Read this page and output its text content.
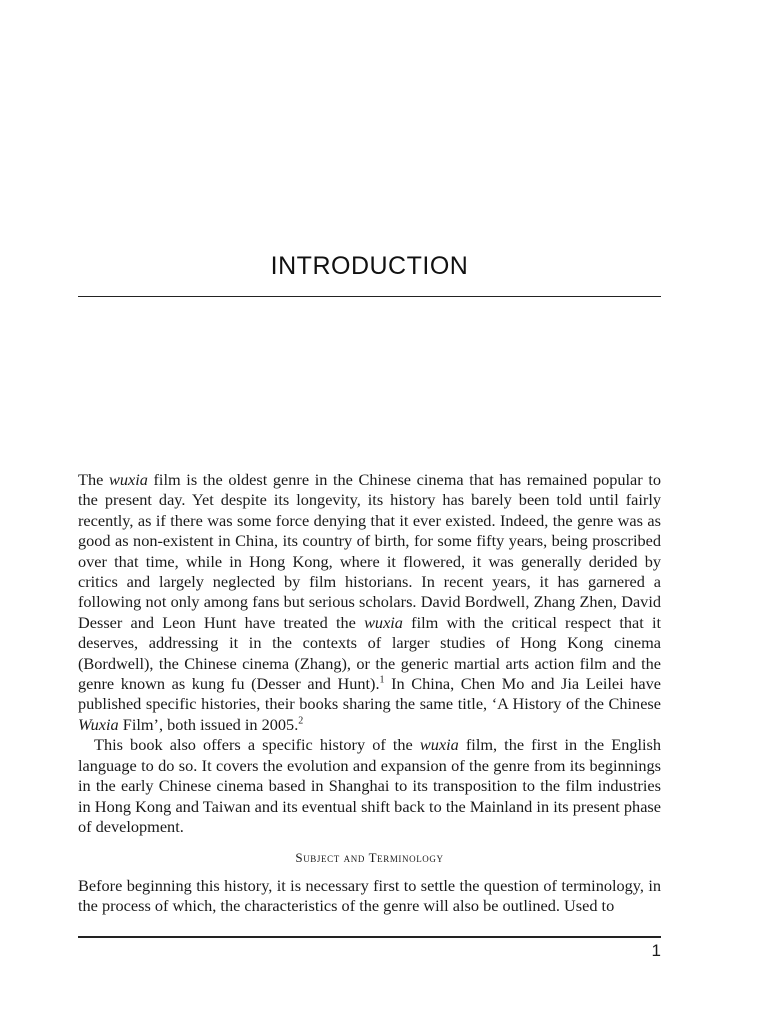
INTRODUCTION

The wuxia film is the oldest genre in the Chinese cinema that has remained popular to the present day. Yet despite its longevity, its history has barely been told until fairly recently, as if there was some force denying that it ever existed. Indeed, the genre was as good as non-existent in China, its country of birth, for some fifty years, being proscribed over that time, while in Hong Kong, where it flowered, it was generally derided by critics and largely neglected by film historians. In recent years, it has garnered a following not only among fans but serious scholars. David Bordwell, Zhang Zhen, David Desser and Leon Hunt have treated the wuxia film with the critical respect that it deserves, addressing it in the contexts of larger studies of Hong Kong cinema (Bordwell), the Chinese cinema (Zhang), or the generic martial arts action film and the genre known as kung fu (Desser and Hunt).$^1$ In China, Chen Mo and Jia Leilei have published specific histories, their books sharing the same title, ‘A History of the Chinese Wuxia Film’, both issued in 2005.$^2$

This book also offers a specific history of the wuxia film, the first in the English language to do so. It covers the evolution and expansion of the genre from its beginnings in the early Chinese cinema based in Shanghai to its transposition to the film industries in Hong Kong and Taiwan and its eventual shift back to the Mainland in its present phase of development.

Subject and Terminology

Before beginning this history, it is necessary first to settle the question of terminology, in the process of which, the characteristics of the genre will also be outlined. Used to

1
